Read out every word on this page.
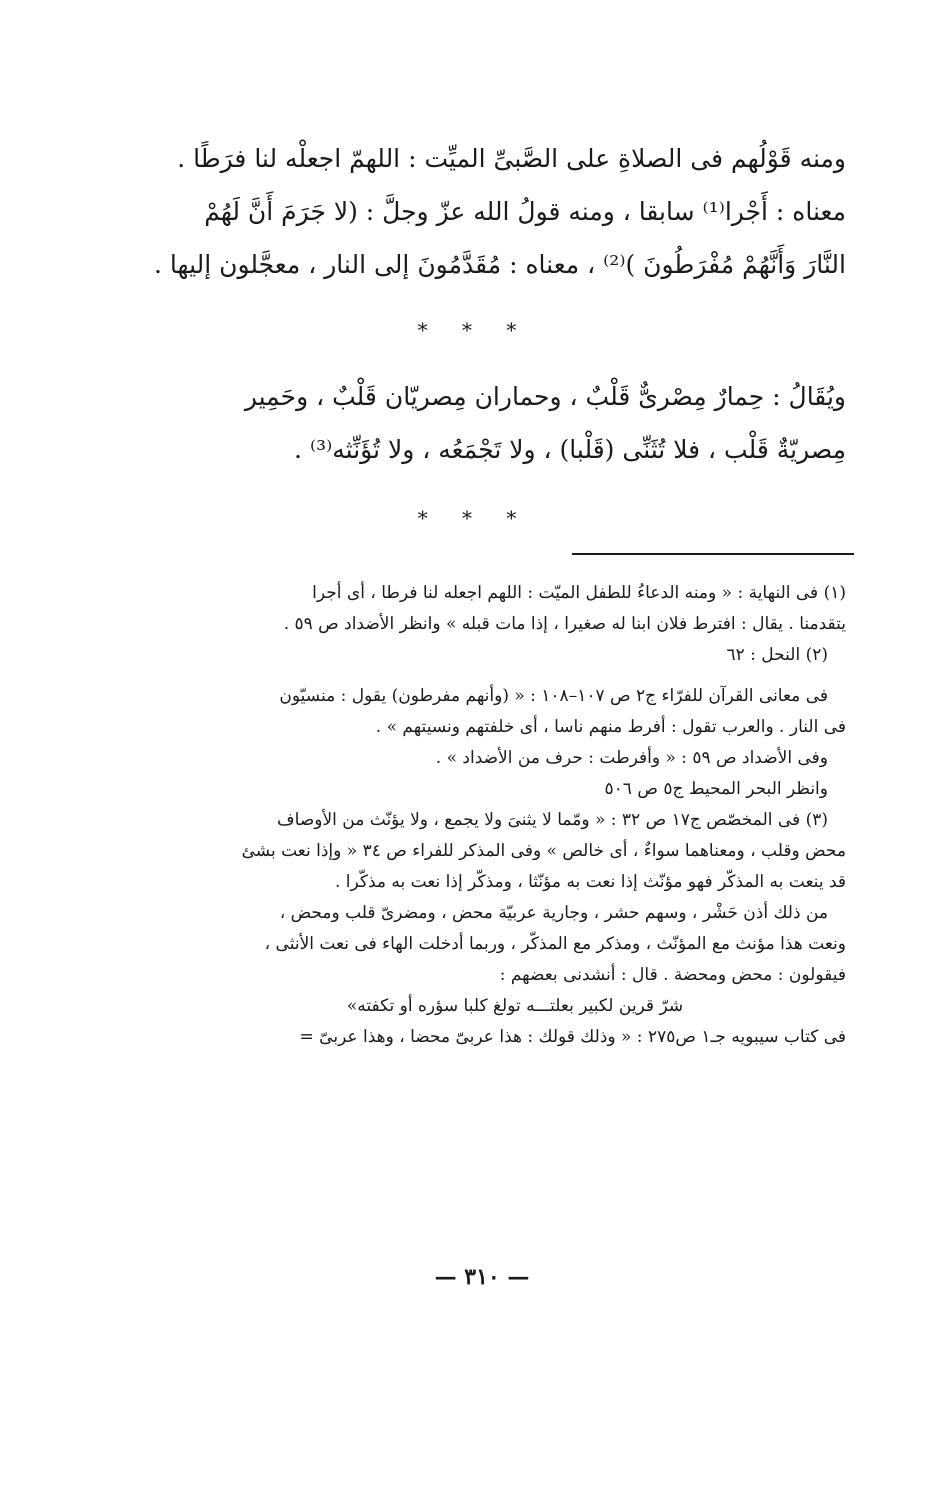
ومنه قَوْلُهم فى الصلاةِ على الصَّبىِّ الميِّت : اللهمّ اجعلْه لنا فرَطًا .

معناه : أَجْرا⁽¹⁾ سابقا ، ومنه قولُ الله عزّ وجلَّ : (لا جَرَمَ أَنَّ لَهُمْ

النَّارَ وَأَنَّهُمْ مُفْرَطُونَ )⁽²⁾ ، معناه : مُقَدَّمُونَ إلى النار ، معجَّلون إليها .

* * *

ويُقَالُ : حِمارٌ مِصْرىٌّ قَلْبٌ ، وحماران مِصريّان قَلْبٌ ، وحَمِير

مِصريّةٌ قَلْب ، فلا تُثَنِّى (قَلْبا) ، ولا تَجْمَعُه ، ولا تُؤَنِّثه⁽³⁾ .

* * *

(١) فى النهاية : « ومنه الدعاءُ للطفل الميّت : اللهم اجعله لنا فرطا ، أى أجرا

يتقدمنا . يقال : افترط فلان ابنا له صغيرا ، إذا مات قبله » وانظر الأضداد ص ٥٩ .

(٢) النحل : ٦٢

فى معانى القرآن للفرّاء ج٢ ص ١٠٧–١٠٨ : « (وأنهم مفرطون) يقول : منسيّون

فى النار . والعرب تقول : أفرط منهم ناسا ، أى خلفتهم ونسيتهم » .

وفى الأضداد ص ٥٩ : « وأفرطت : حرف من الأضداد » .

وانظر البحر المحيط ج٥ ص ٥٠٦

(٣) فى المخصّص ج١٧ ص ٣٢ : « ومّما لا يثنىَ ولا يجمع ، ولا يؤنّث من الأوصاف

محض وقلب ، ومعناهما سواءٌ ، أى خالص » وفى المذكر للفراء ص ٣٤ « وإذا نعت بشئ

قد ينعت به المذكّر فهو مؤنّث إذا نعت به مؤنّثا ، ومذكّر إذا نعت به مذكّرا .

من ذلك أذن حَشْر ، وسهم حشر ، وجارية عربيّة محض ، ومضرىّ قلب ومحض ،

ونعت هذا مؤنث مع المؤنّث ، ومذكر مع المذكّر ، وربما أدخلت الهاء فى نعت الأنثى ،

فيقولون : محض ومحضة . قال : أنشدنى بعضهم :

شرّ قرين لكبير بعلتـــه تولغ كلبا سؤره أو تكفته»

فى كتاب سيبويه جـ١ ص٢٧٥ : « وذلك قولك : هذا عربىّ محضا ، وهذا عربىّ =

— ٣١٠ —
